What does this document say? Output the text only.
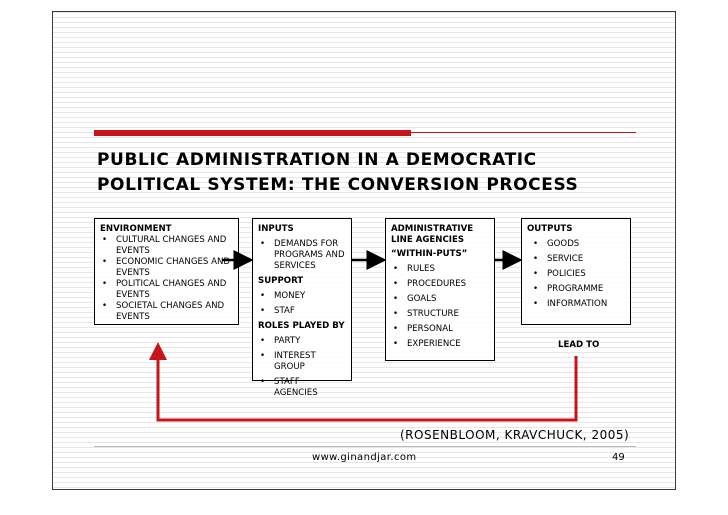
PUBLIC ADMINISTRATION IN A DEMOCRATIC
POLITICAL SYSTEM: THE CONVERSION PROCESS
ENVIRONMENT
• CULTURAL CHANGES AND EVENTS
• ECONOMIC CHANGES AND EVENTS
• POLITICAL CHANGES AND EVENTS
• SOCIETAL CHANGES AND EVENTS
INPUTS
• DEMANDS FOR PROGRAMS AND SERVICES
SUPPORT
• MONEY
• STAF
ROLES PLAYED BY
• PARTY
• INTEREST GROUP
• STAFF AGENCIES
ADMINISTRATIVE LINE AGENCIES
“WITHIN-PUTS”
• RULES
• PROCEDURES
• GOALS
• STRUCTURE
• PERSONAL
• EXPERIENCE
OUTPUTS
• GOODS
• SERVICE
• POLICIES
• PROGRAMME
• INFORMATION
LEAD TO
(ROSENBLOOM, KRAVCHUCK, 2005)
www.ginandjar.com	49
